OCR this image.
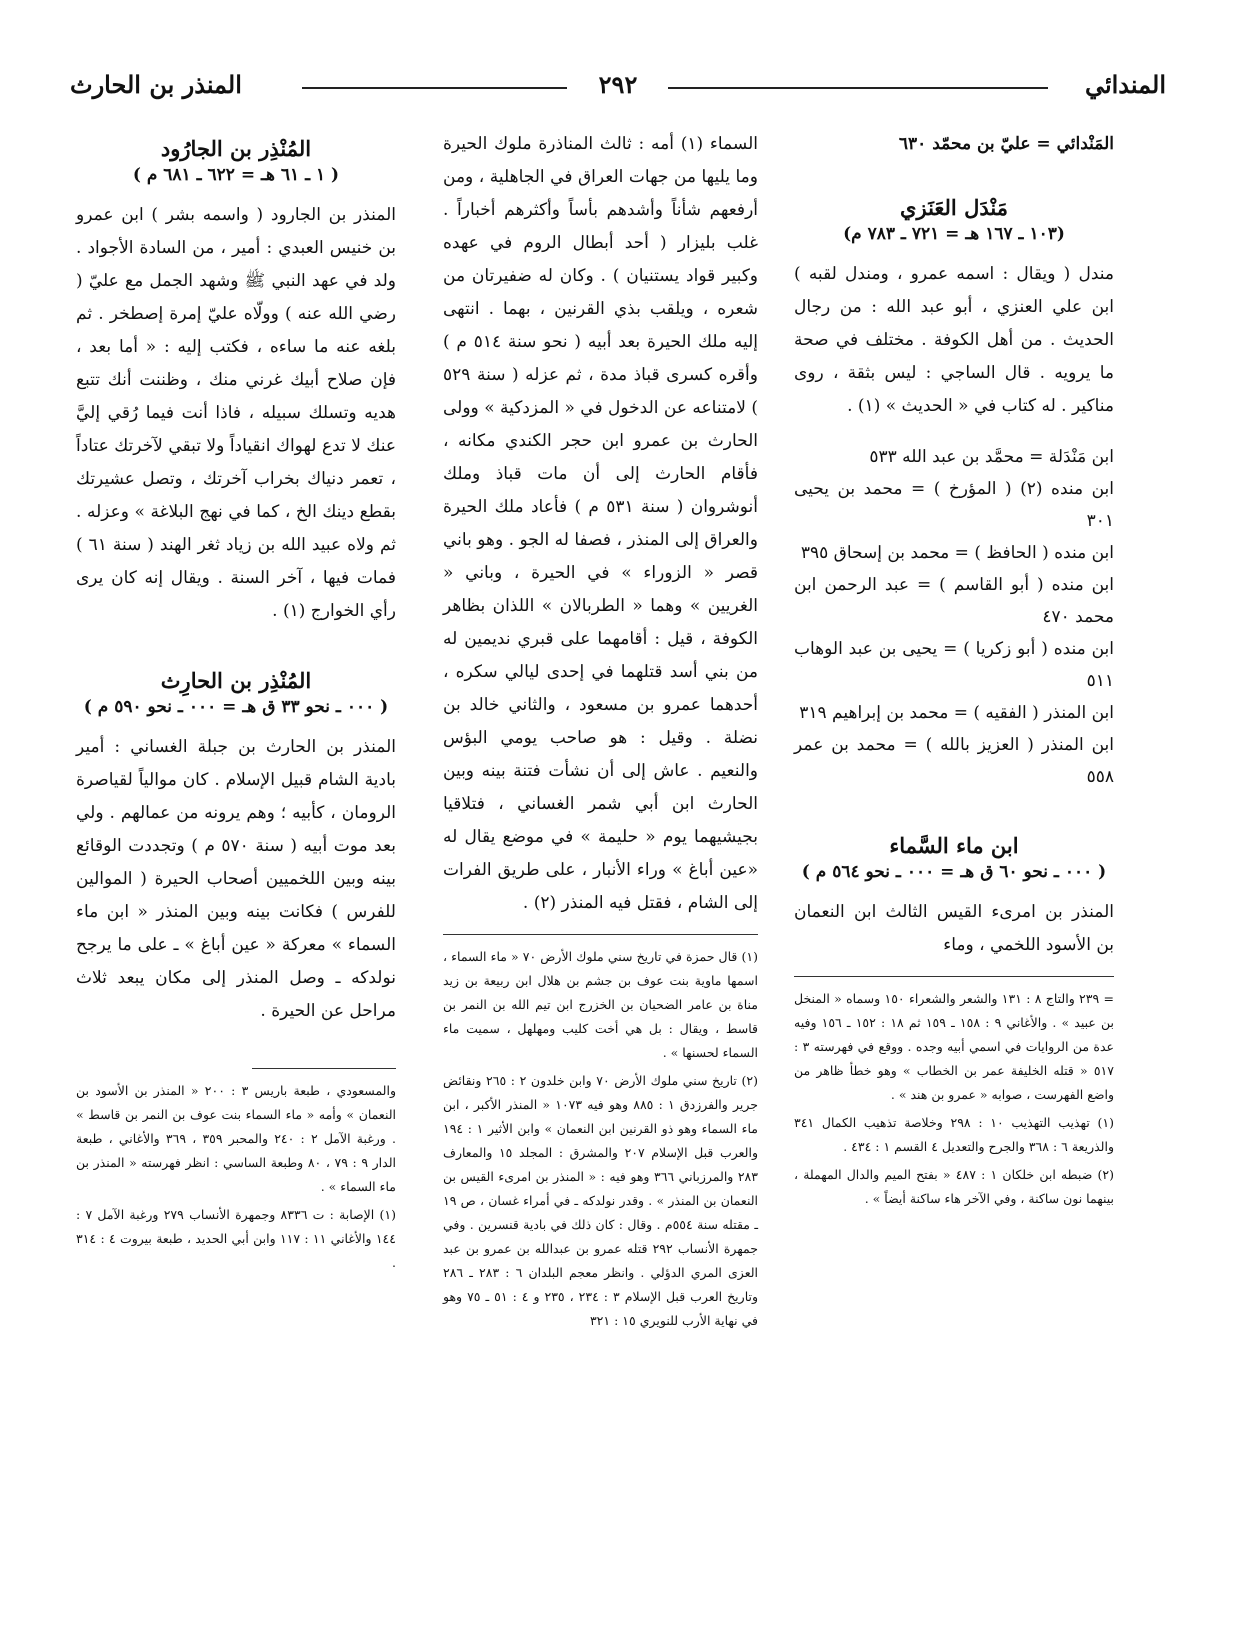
المندائي
٢٩٢
المنذر بن الحارث
المَنْدائي = عليّ بن محمّد ٦٣٠
مَنْدَل العَنَزي
(١٠٣ ـ ١٦٧ هـ = ٧٢١ ـ ٧٨٣ م)
مندل ( ويقال : اسمه عمرو ، ومندل لقبه ) ابن علي العنزي ، أبو عبد الله : من رجال الحديث . من أهل الكوفة . مختلف في صحة ما يرويه . قال الساجي : ليس بثقة ، روى مناكير . له كتاب في « الحديث » (١) .
ابن مَنْدَلة = محمَّد بن عبد الله ٥٣٣
ابن منده (٢) ( المؤرخ ) = محمد بن يحيى ٣٠١
ابن منده ( الحافظ ) = محمد بن إسحاق ٣٩٥
ابن منده ( أبو القاسم ) = عبد الرحمن ابن محمد ٤٧٠
ابن منده ( أبو زكريا ) = يحيى بن عبد الوهاب ٥١١
ابن المنذر ( الفقيه ) = محمد بن إبراهيم ٣١٩
ابن المنذر ( العزيز بالله ) = محمد بن عمر ٥٥٨
ابن ماء السَّماء
( ٠٠٠ ـ نحو ٦٠ ق هـ = ٠٠٠ ـ نحو ٥٦٤ م )
المنذر بن امرىء القيس الثالث ابن النعمان بن الأسود اللخمي ، وماء

= ٢٣٩ والتاج ٨ : ١٣١ والشعر والشعراء ١٥٠ وسماه « المنخل بن عبيد » . والأغاني ٩ : ١٥٨ ـ ١٥٩ ثم ١٨ : ١٥٢ ـ ١٥٦ وفيه عدة من الروايات في اسمي أبيه وجده . ووقع في فهرسته ٣ : ٥١٧ « قتله الخليفة عمر بن الخطاب » وهو خطأ ظاهر من واضع الفهرست ، صوابه « عمرو بن هند » .

(١) تهذيب التهذيب ١٠ : ٢٩٨ وخلاصة تذهيب الكمال ٣٤١ والذريعة ٦ : ٣٦٨ والجرح والتعديل ٤ القسم ١ : ٤٣٤ .

(٢) ضبطه ابن خلكان ١ : ٤٨٧ « بفتح الميم والدال المهملة ، بينهما نون ساكنة ، وفي الآخر هاء ساكنة أيضاً » .

السماء (١) أمه : ثالث المناذرة ملوك الحيرة وما يليها من جهات العراق في الجاهلية ، ومن أرفعهم شأناً وأشدهم بأساً وأكثرهم أخباراً . غلب بليزار ( أحد أبطال الروم في عهده وكبير قواد يستنيان ) . وكان له ضفيرتان من شعره ، ويلقب بذي القرنين ، بهما . انتهى إليه ملك الحيرة بعد أبيه ( نحو سنة ٥١٤ م ) وأقره كسرى قباذ مدة ، ثم عزله ( سنة ٥٢٩ ) لامتناعه عن الدخول في « المزدكية » وولى الحارث بن عمرو ابن حجر الكندي مكانه ، فأقام الحارث إلى أن مات قباذ وملك أنوشروان ( سنة ٥٣١ م ) فأعاد ملك الحيرة والعراق إلى المنذر ، فصفا له الجو . وهو باني قصر « الزوراء » في الحيرة ، وباني « الغريين » وهما « الطربالان » اللذان بظاهر الكوفة ، قيل : أقامهما على قبري نديمين له من بني أسد قتلهما في إحدى ليالي سكره ، أحدهما عمرو بن مسعود ، والثاني خالد بن نضلة . وقيل : هو صاحب يومي البؤس والنعيم . عاش إلى أن نشأت فتنة بينه وبين الحارث ابن أبي شمر الغساني ، فتلاقيا بجيشيهما يوم « حليمة » في موضع يقال له «عين أباغ » وراء الأنبار ، على طريق الفرات إلى الشام ، فقتل فيه المنذر (٢) .

(١) قال حمزة في تاريخ سني ملوك الأرض ٧٠ « ماء السماء ، اسمها ماوية بنت عوف بن جشم بن هلال ابن ربيعة بن زيد مناة بن عامر الضحيان بن الخزرج ابن تيم الله بن النمر بن قاسط ، ويقال : بل هي أخت كليب ومهلهل ، سميت ماء السماء لحسنها » .

(٢) تاريخ سني ملوك الأرض ٧٠ وابن خلدون ٢ : ٢٦٥ ونقائض جرير والفرزدق ١ : ٨٨٥ وهو فيه ١٠٧٣ « المنذر الأكبر ، ابن ماء السماء وهو ذو القرنين ابن النعمان » وابن الأثير ١ : ١٩٤ والعرب قبل الإسلام ٢٠٧ والمشرق : المجلد ١٥ والمعارف ٢٨٣ والمرزباني ٣٦٦ وهو فيه : « المنذر بن امرىء القيس بن النعمان بن المنذر » . وقدر نولدكه ـ في أمراء غسان ، ص ١٩ ـ مقتله سنة ٥٥٤م . وقال : كان ذلك في بادية قنسرين . وفي جمهرة الأنساب ٢٩٢ قتله عمرو بن عبدالله بن عمرو بن عبد العزى المري الدؤلي . وانظر معجم البلدان ٦ : ٢٨٣ ـ ٢٨٦ وتاريخ العرب قبل الإسلام ٣ : ٢٣٤ ، ٢٣٥ و ٤ : ٥١ ـ ٧٥ وهو في نهاية الأرب للنويري ١٥ : ٣٢١

المُنْذِر بن الجارُود
( ١ ـ ٦١ هـ = ٦٢٢ ـ ٦٨١ م )
المنذر بن الجارود ( واسمه بشر ) ابن عمرو بن خنيس العبدي : أمير ، من السادة الأجواد . ولد في عهد النبي ﷺ وشهد الجمل مع عليّ ( رضي الله عنه ) وولّاه عليّ إمرة إصطخر . ثم بلغه عنه ما ساءه ، فكتب إليه : « أما بعد ، فإن صلاح أبيك غرني منك ، وظننت أنك تتبع هديه وتسلك سبيله ، فاذا أنت فيما رُقي إليَّ عنك لا تدع لهواك انقياداً ولا تبقي لآخرتك عتاداً ، تعمر دنياك بخراب آخرتك ، وتصل عشيرتك بقطع دينك الخ ، كما في نهج البلاغة » وعزله . ثم ولاه عبيد الله بن زياد ثغر الهند ( سنة ٦١ ) فمات فيها ، آخر السنة . ويقال إنه كان يرى رأي الخوارج (١) .
المُنْذِر بن الحارِث
( ٠٠٠ ـ نحو ٣٣ ق هـ = ٠٠٠ ـ نحو ٥٩٠ م )
المنذر بن الحارث بن جبلة الغساني : أمير بادية الشام قبيل الإسلام . كان موالياً لقياصرة الرومان ، كأبيه ؛ وهم يرونه من عمالهم . ولي بعد موت أبيه ( سنة ٥٧٠ م ) وتجددت الوقائع بينه وبين اللخميين أصحاب الحيرة ( الموالين للفرس ) فكانت بينه وبين المنذر « ابن ماء السماء » معركة « عين أباغ » ـ على ما يرجح نولدكه ـ وصل المنذر إلى مكان يبعد ثلاث مراحل عن الحيرة .

والمسعودي ، طبعة باريس ٣ : ٢٠٠ « المنذر بن الأسود بن النعمان » وأمه « ماء السماء بنت عوف بن النمر بن قاسط » . ورغبة الآمل ٢ : ٢٤٠ والمحبر ٣٥٩ ، ٣٦٩ والأغاني ، طبعة الدار ٩ : ٧٩ ، ٨٠ وطبعة الساسي : انظر فهرسته « المنذر بن ماء السماء » .

(١) الإصابة : ت ٨٣٣٦ وجمهرة الأنساب ٢٧٩ ورغبة الآمل ٧ : ١٤٤ والأغاني ١١ : ١١٧ وابن أبي الحديد ، طبعة بيروت ٤ : ٣١٤ .
